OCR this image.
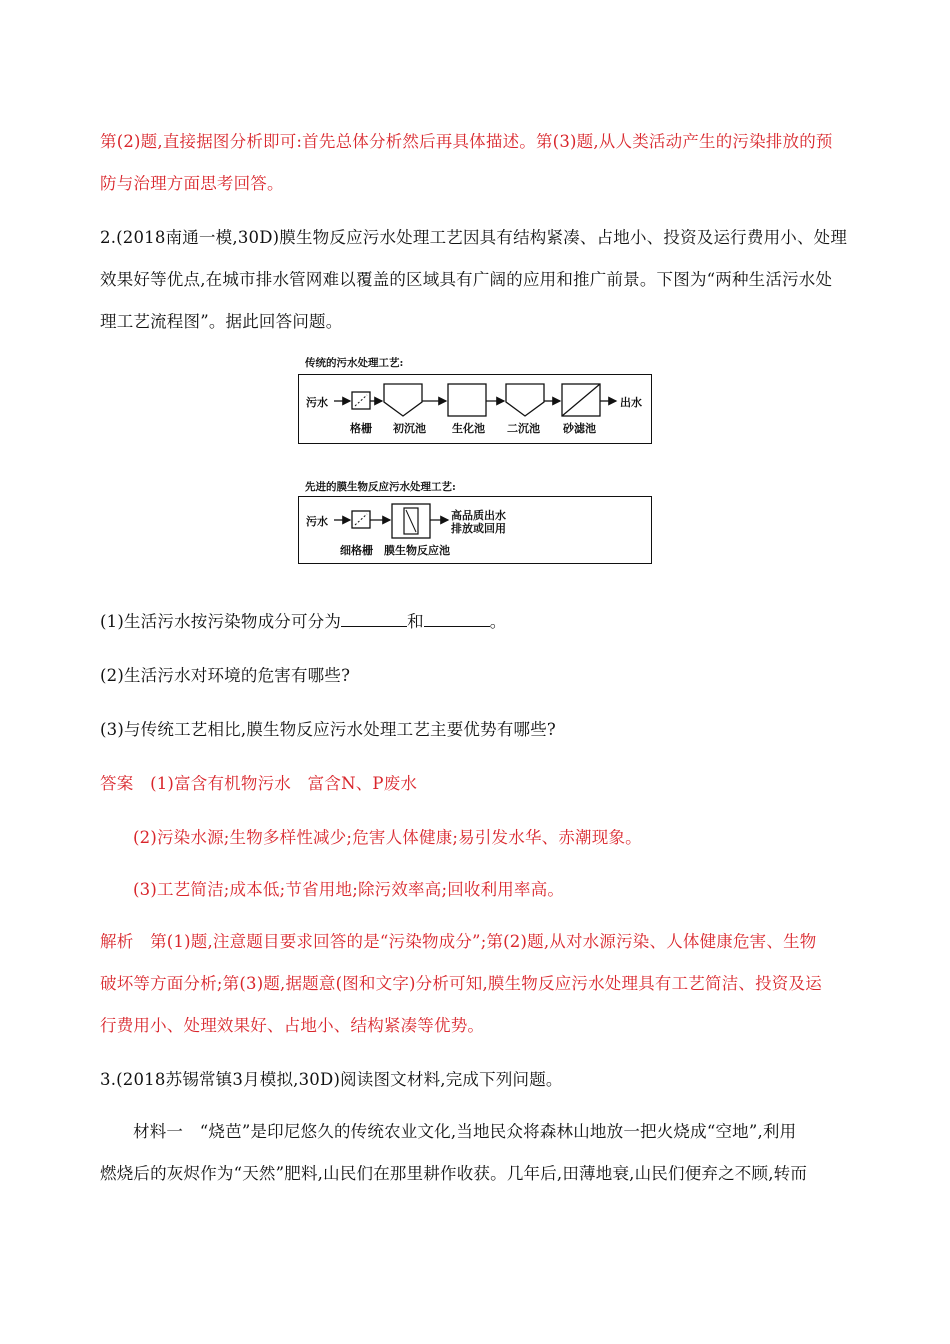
第(2)题,直接据图分析即可:首先总体分析然后再具体描述。第(3)题,从人类活动产生的污染排放的预
防与治理方面思考回答。
2.(2018南通一模,30D)膜生物反应污水处理工艺因具有结构紧凑、占地小、投资及运行费用小、处理
效果好等优点,在城市排水管网难以覆盖的区域具有广阔的应用和推广前景。下图为“两种生活污水处
理工艺流程图”。据此回答问题。
传统的污水处理工艺:
污水	出水
格栅 初沉池 生化池 二沉池 砂滤池
先进的膜生物反应污水处理工艺:
污水	高品质出水
排放或回用
细格栅 膜生物反应池
(1)生活污水按污染物成分可分为	和	。
(2)生活污水对环境的危害有哪些?
(3)与传统工艺相比,膜生物反应污水处理工艺主要优势有哪些?
答案　(1)富含有机物污水　富含N、P废水
(2)污染水源;生物多样性减少;危害人体健康;易引发水华、赤潮现象。
(3)工艺简洁;成本低;节省用地;除污效率高;回收利用率高。
解析　第(1)题,注意题目要求回答的是“污染物成分”;第(2)题,从对水源污染、人体健康危害、生物
破坏等方面分析;第(3)题,据题意(图和文字)分析可知,膜生物反应污水处理具有工艺简洁、投资及运
行费用小、处理效果好、占地小、结构紧凑等优势。
3.(2018苏锡常镇3月模拟,30D)阅读图文材料,完成下列问题。
材料一　“烧芭”是印尼悠久的传统农业文化,当地民众将森林山地放一把火烧成“空地”,利用
燃烧后的灰烬作为“天然”肥料,山民们在那里耕作收获。几年后,田薄地衰,山民们便弃之不顾,转而
